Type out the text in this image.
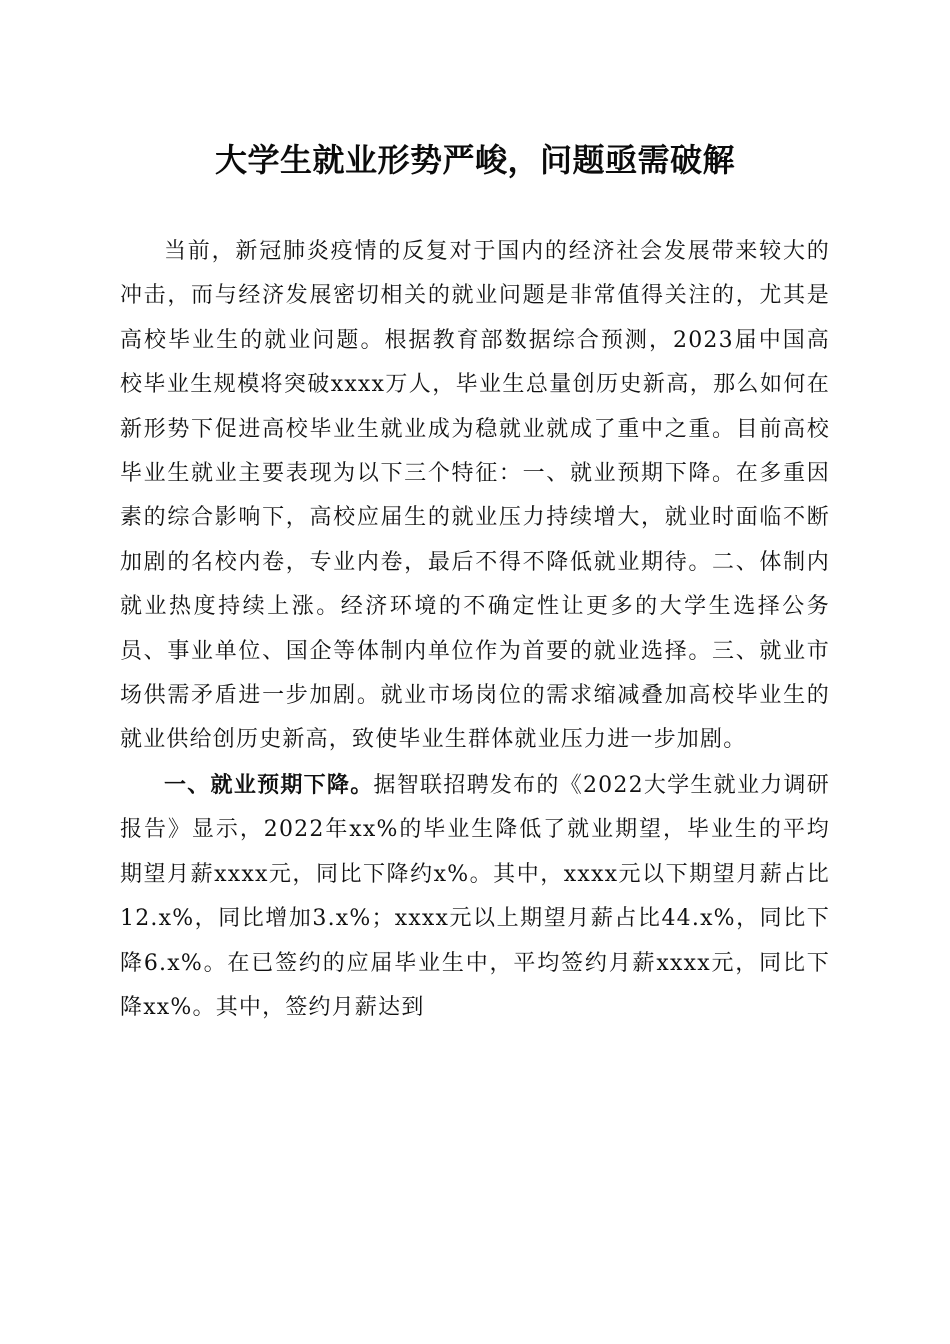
大学生就业形势严峻，问题亟需破解

当前，新冠肺炎疫情的反复对于国内的经济社会发展带来较大的冲击，而与经济发展密切相关的就业问题是非常值得关注的，尤其是高校毕业生的就业问题。根据教育部数据综合预测，2023届中国高校毕业生规模将突破xxxx万人，毕业生总量创历史新高，那么如何在新形势下促进高校毕业生就业成为稳就业就成了重中之重。目前高校毕业生就业主要表现为以下三个特征：一、就业预期下降。在多重因素的综合影响下，高校应届生的就业压力持续增大，就业时面临不断加剧的名校内卷，专业内卷，最后不得不降低就业期待。二、体制内就业热度持续上涨。经济环境的不确定性让更多的大学生选择公务员、事业单位、国企等体制内单位作为首要的就业选择。三、就业市场供需矛盾进一步加剧。就业市场岗位的需求缩减叠加高校毕业生的就业供给创历史新高，致使毕业生群体就业压力进一步加剧。

一、就业预期下降。据智联招聘发布的《2022大学生就业力调研报告》显示，2022年xx%的毕业生降低了就业期望，毕业生的平均期望月薪xxxx元，同比下降约x%。其中，xxxx元以下期望月薪占比12.x%，同比增加3.x%；xxxx元以上期望月薪占比44.x%，同比下降6.x%。在已签约的应届毕业生中，平均签约月薪xxxx元，同比下降xx%。其中，签约月薪达到
